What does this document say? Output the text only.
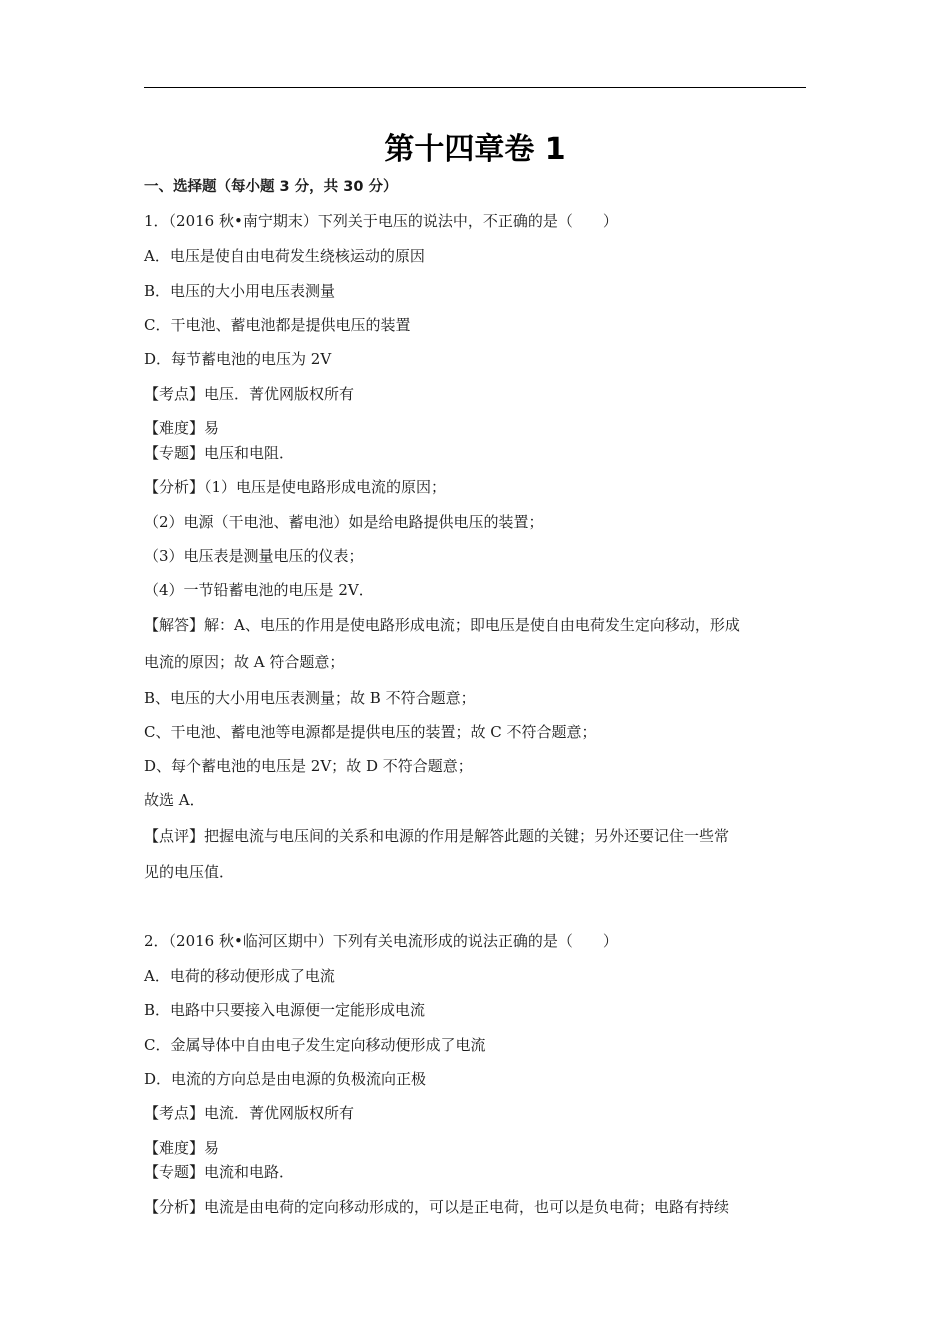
第十四章卷 1
一、选择题（每小题 3 分，共 30 分）
1．（2016 秋•南宁期末）下列关于电压的说法中，不正确的是（　　）
A．电压是使自由电荷发生绕核运动的原因
B．电压的大小用电压表测量
C．干电池、蓄电池都是提供电压的装置
D．每节蓄电池的电压为 2V
【考点】电压．菁优网版权所有
【难度】易
【专题】电压和电阻．
【分析】（1）电压是使电路形成电流的原因；
（2）电源（干电池、蓄电池）如是给电路提供电压的装置；
（3）电压表是测量电压的仪表；
（4）一节铅蓄电池的电压是 2V．
【解答】解：A、电压的作用是使电路形成电流；即电压是使自由电荷发生定向移动，形成
电流的原因；故 A 符合题意；
B、电压的大小用电压表测量；故 B 不符合题意；
C、干电池、蓄电池等电源都是提供电压的装置；故 C 不符合题意；
D、每个蓄电池的电压是 2V；故 D 不符合题意；
故选 A．
【点评】把握电流与电压间的关系和电源的作用是解答此题的关键；另外还要记住一些常
见的电压值．
2．（2016 秋•临河区期中）下列有关电流形成的说法正确的是（　　）
A．电荷的移动便形成了电流
B．电路中只要接入电源便一定能形成电流
C．金属导体中自由电子发生定向移动便形成了电流
D．电流的方向总是由电源的负极流向正极
【考点】电流．菁优网版权所有
【难度】易
【专题】电流和电路．
【分析】电流是由电荷的定向移动形成的，可以是正电荷，也可以是负电荷；电路有持续
